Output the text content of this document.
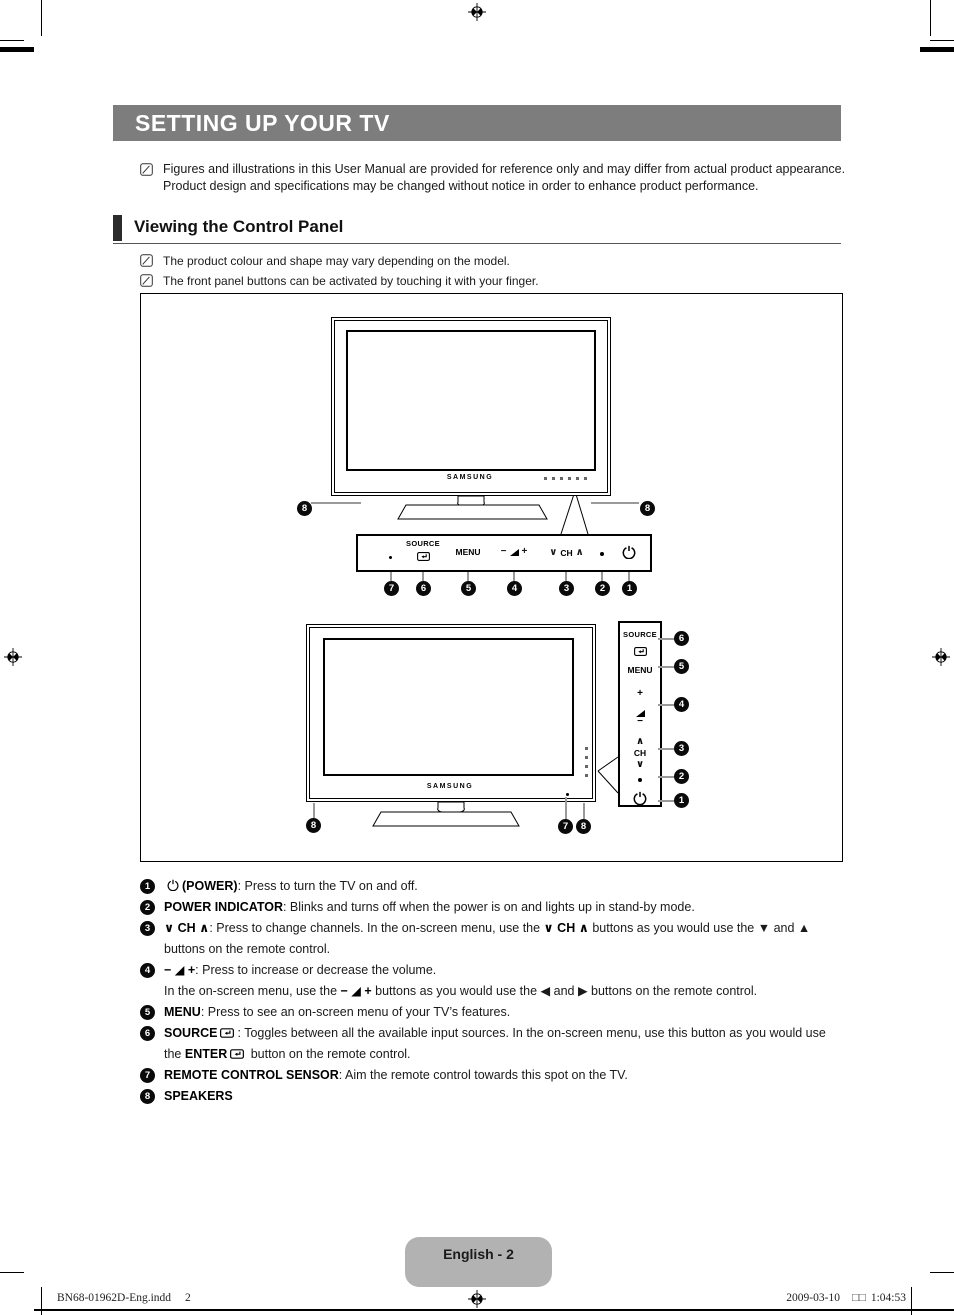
SETTING UP YOUR TV
Figures and illustrations in this User Manual are provided for reference only and may differ from actual product appearance.
Product design and specifications may be changed without notice in order to enhance product performance.
Viewing the Control Panel
The product colour and shape may vary depending on the model.
The front panel buttons can be activated by touching it with your finger.
SAMSUNG
8	8
SOURCE
MENU	− + ∨ CH ∧
7	6	5	4	3	2	1
SAMSUNG
SOURCE
MENU
+
−
∧
CH
∨
6
5
4
3
2
1
8	7	8
1	(POWER): Press to turn the TV on and off.
2	POWER INDICATOR: Blinks and turns off when the power is on and lights up in stand-by mode.
3	∨ CH ∧: Press to change channels. In the on-screen menu, use the ∨ CH ∧ buttons as you would use the ▼ and ▲ buttons on the remote control.
4	− ◢ +: Press to increase or decrease the volume.
In the on-screen menu, use the − ◢ + buttons as you would use the ◀ and ▶ buttons on the remote control.
5	MENU: Press to see an on-screen menu of your TV’s features.
6	SOURCE : Toggles between all the available input sources. In the on-screen menu, use this button as you would use the ENTER button on the remote control.
7	REMOTE CONTROL SENSOR: Aim the remote control towards this spot on the TV.
8	SPEAKERS
English - 2
BN68-01962D-Eng.indd 2	2009-03-10 □□ 1:04:53
